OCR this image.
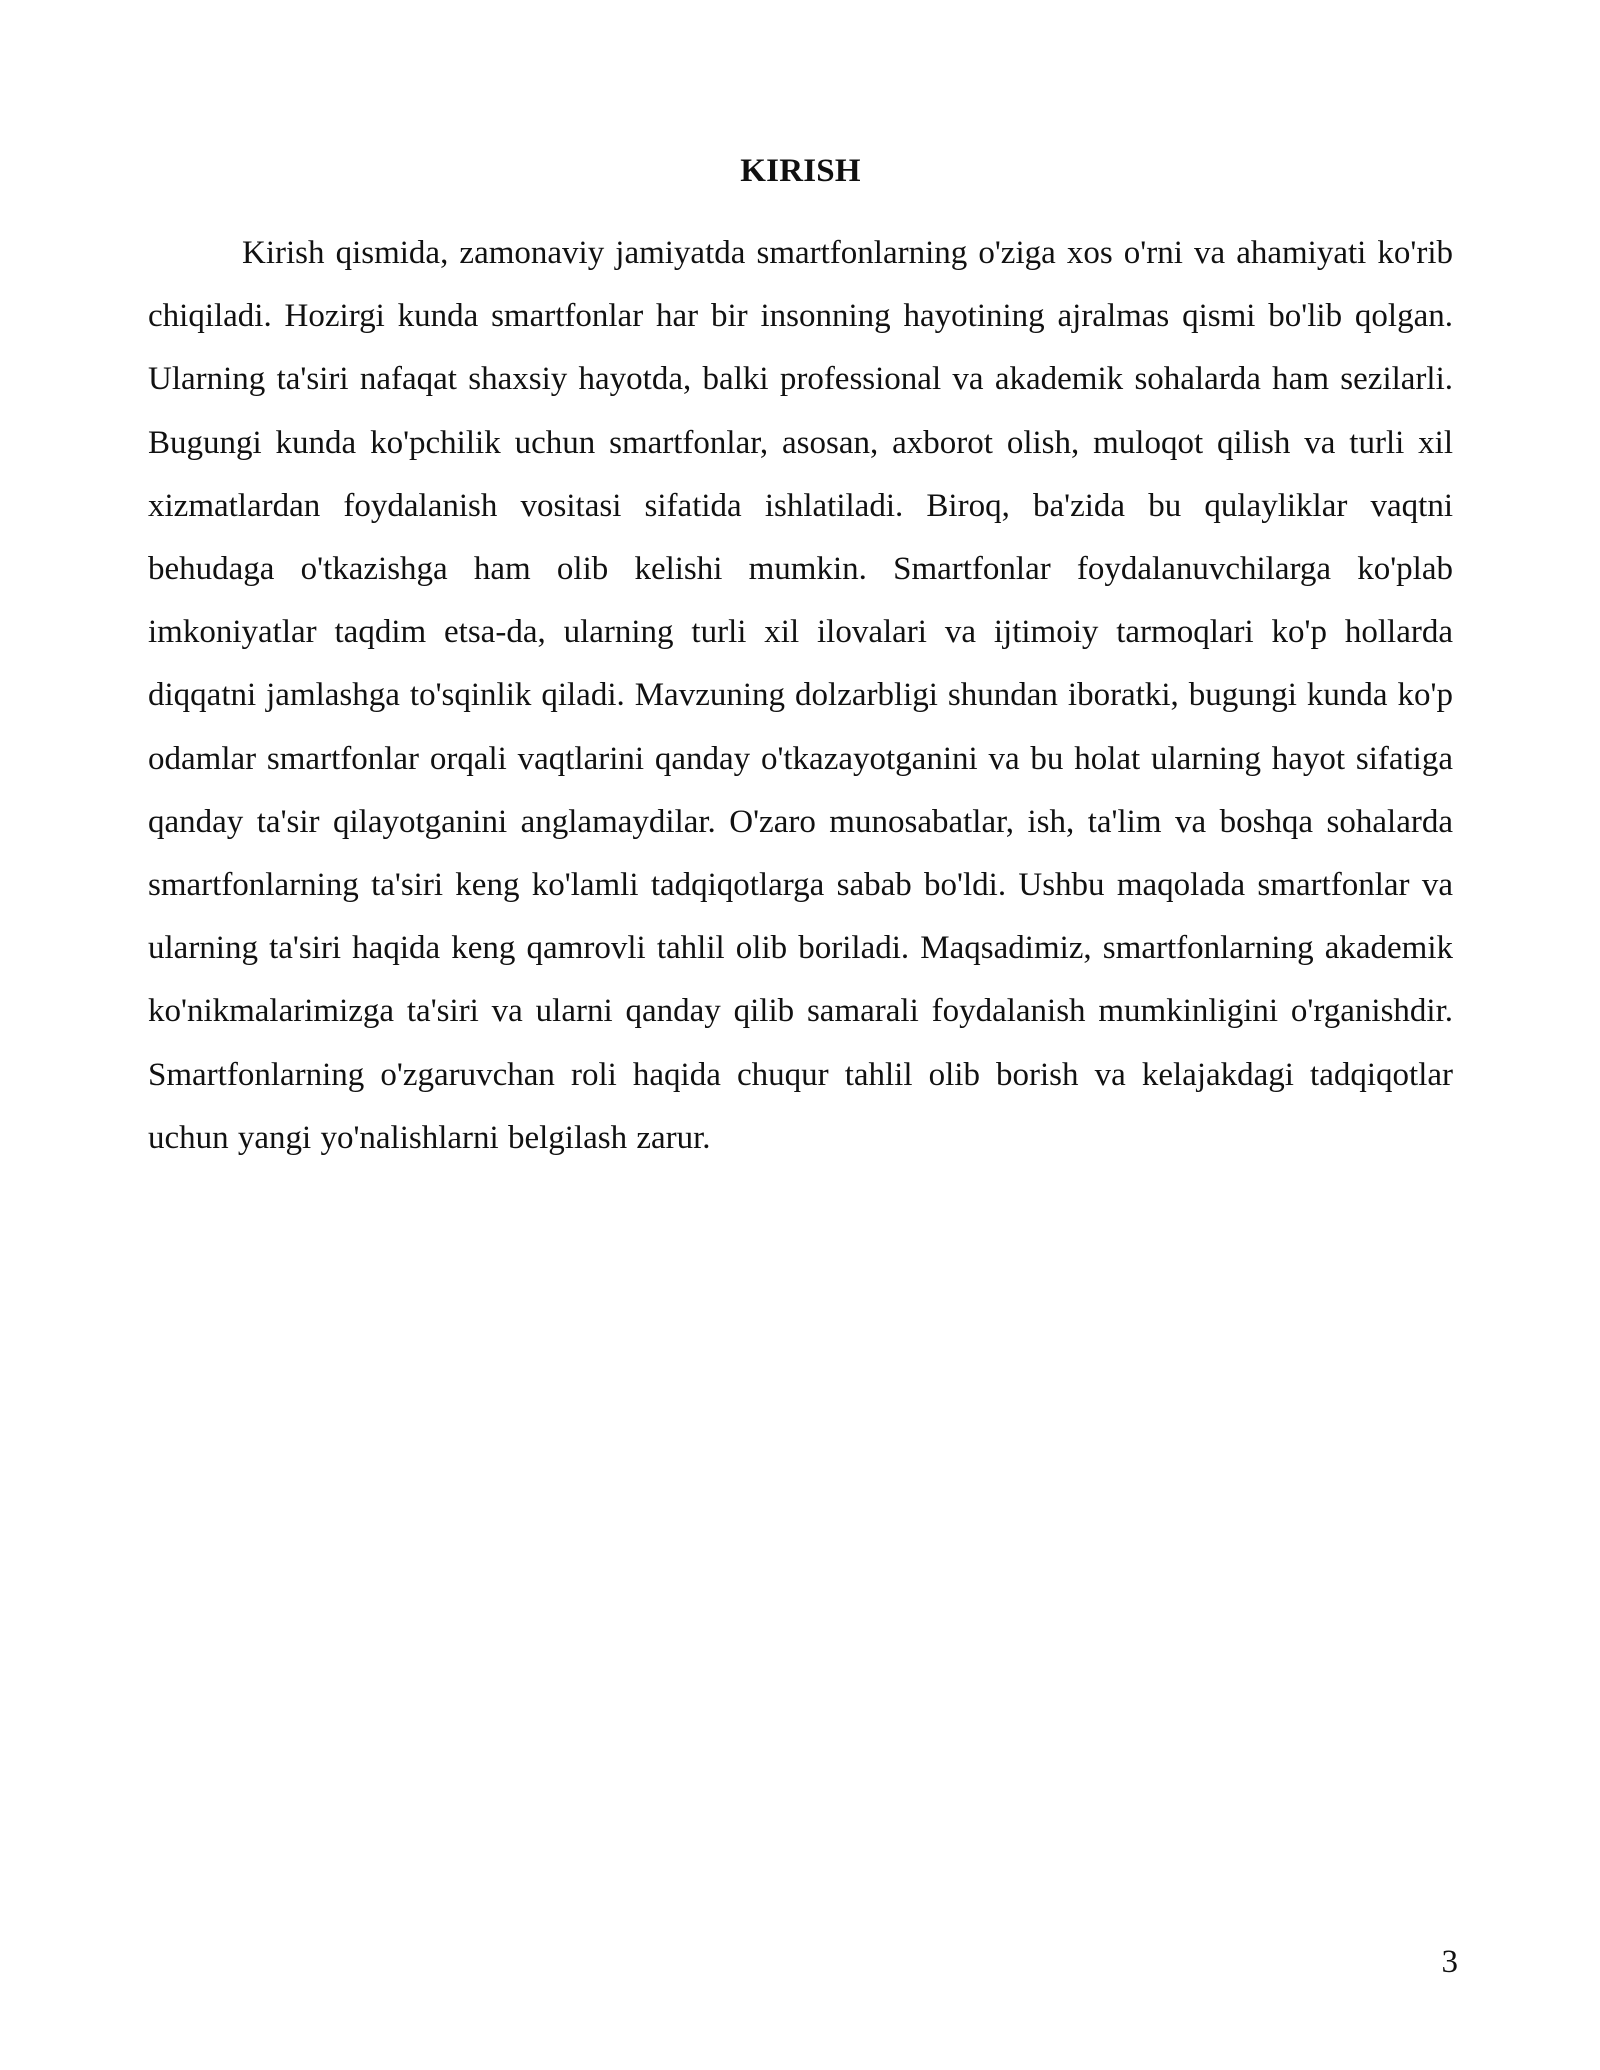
KIRISH

Kirish qismida, zamonaviy jamiyatda smartfonlarning o'ziga xos o'rni va ahamiyati ko'rib chiqiladi. Hozirgi kunda smartfonlar har bir insonning hayotining ajralmas qismi bo'lib qolgan. Ularning ta'siri nafaqat shaxsiy hayotda, balki professional va akademik sohalarda ham sezilarli. Bugungi kunda ko'pchilik uchun smartfonlar, asosan, axborot olish, muloqot qilish va turli xil xizmatlardan foydalanish vositasi sifatida ishlatiladi. Biroq, ba'zida bu qulayliklar vaqtni behudaga o'tkazishga ham olib kelishi mumkin. Smartfonlar foydalanuvchilarga ko'plab imkoniyatlar taqdim etsa-da, ularning turli xil ilovalari va ijtimoiy tarmoqlari ko'p hollarda diqqatni jamlashga to'sqinlik qiladi. Mavzuning dolzarbligi shundan iboratki, bugungi kunda ko'p odamlar smartfonlar orqali vaqtlarini qanday o'tkazayotganini va bu holat ularning hayot sifatiga qanday ta'sir qilayotganini anglamaydilar. O'zaro munosabatlar, ish, ta'lim va boshqa sohalarda smartfonlarning ta'siri keng ko'lamli tadqiqotlarga sabab bo'ldi. Ushbu maqolada smartfonlar va ularning ta'siri haqida keng qamrovli tahlil olib boriladi. Maqsadimiz, smartfonlarning akademik ko'nikmalarimizga ta'siri va ularni qanday qilib samarali foydalanish mumkinligini o'rganishdir. Smartfonlarning o'zgaruvchan roli haqida chuqur tahlil olib borish va kelajakdagi tadqiqotlar uchun yangi yo'nalishlarni belgilash zarur.

3
